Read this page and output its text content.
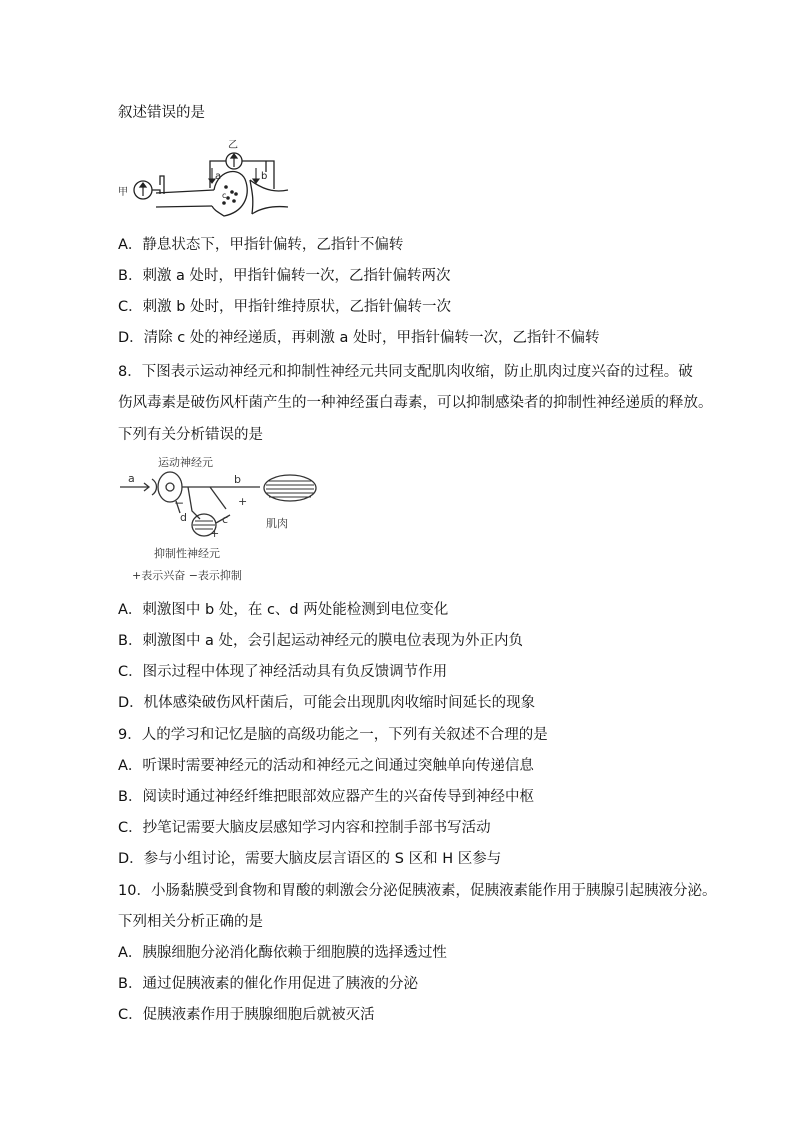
叙述错误的是
A．静息状态下，甲指针偏转，乙指针不偏转
B．刺激 a 处时，甲指针偏转一次，乙指针偏转两次
C．刺激 b 处时，甲指针维持原状，乙指针偏转一次
D．清除 c 处的神经递质，再刺激 a 处时，甲指针偏转一次，乙指针不偏转
8．下图表示运动神经元和抑制性神经元共同支配肌肉收缩，防止肌肉过度兴奋的过程。破
伤风毒素是破伤风杆菌产生的一种神经蛋白毒素，可以抑制感染者的抑制性神经递质的释放。
下列有关分析错误的是
A．刺激图中 b 处，在 c、d 两处能检测到电位变化
B．刺激图中 a 处，会引起运动神经元的膜电位表现为外正内负
C．图示过程中体现了神经活动具有负反馈调节作用
D．机体感染破伤风杆菌后，可能会出现肌肉收缩时间延长的现象
9．人的学习和记忆是脑的高级功能之一，下列有关叙述不合理的是
A．听课时需要神经元的活动和神经元之间通过突触单向传递信息
B．阅读时通过神经纤维把眼部效应器产生的兴奋传导到神经中枢
C．抄笔记需要大脑皮层感知学习内容和控制手部书写活动
D．参与小组讨论，需要大脑皮层言语区的 S 区和 H 区参与
10．小肠黏膜受到食物和胃酸的刺激会分泌促胰液素，促胰液素能作用于胰腺引起胰液分泌。
下列相关分析正确的是
A．胰腺细胞分泌消化酶依赖于细胞膜的选择透过性
B．通过促胰液素的催化作用促进了胰液的分泌
C．促胰液素作用于胰腺细胞后就被灭活
甲
乙
a	b
c
运动神经元
a	b
+
肌肉
c
d
−
+
抑制性神经元
+表示兴奋 −表示抑制
